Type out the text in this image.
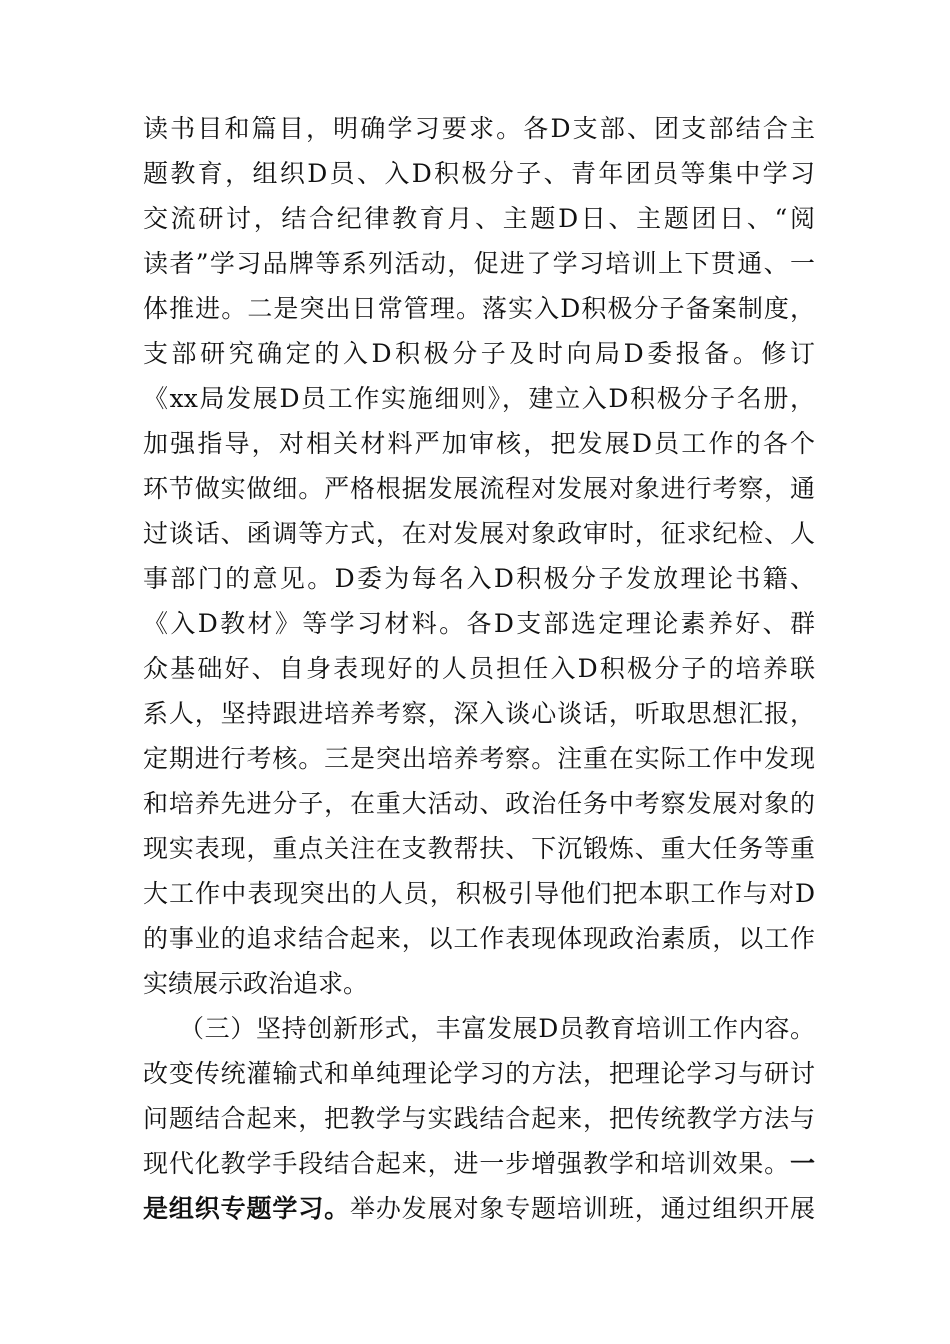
读书目和篇目，明确学习要求。各D支部、团支部结合主
题教育，组织D员、入D积极分子、青年团员等集中学习
交流研讨，结合纪律教育月、主题D日、主题团日、“阅
读者”学习品牌等系列活动，促进了学习培训上下贯通、一
体推进。二是突出日常管理。落实入D积极分子备案制度，
支部研究确定的入D积极分子及时向局D委报备。修订
《xx局发展D员工作实施细则》，建立入D积极分子名册，
加强指导，对相关材料严加审核，把发展D员工作的各个
环节做实做细。严格根据发展流程对发展对象进行考察，通
过谈话、函调等方式，在对发展对象政审时，征求纪检、人
事部门的意见。D委为每名入D积极分子发放理论书籍、
《入D教材》等学习材料。各D支部选定理论素养好、群
众基础好、自身表现好的人员担任入D积极分子的培养联
系人，坚持跟进培养考察，深入谈心谈话，听取思想汇报，
定期进行考核。三是突出培养考察。注重在实际工作中发现
和培养先进分子，在重大活动、政治任务中考察发展对象的
现实表现，重点关注在支教帮扶、下沉锻炼、重大任务等重
大工作中表现突出的人员，积极引导他们把本职工作与对D
的事业的追求结合起来，以工作表现体现政治素质，以工作
实绩展示政治追求。
（三）坚持创新形式，丰富发展D员教育培训工作内容。
改变传统灌输式和单纯理论学习的方法，把理论学习与研讨
问题结合起来，把教学与实践结合起来，把传统教学方法与
现代化教学手段结合起来，进一步增强教学和培训效果。一
是组织专题学习。举办发展对象专题培训班，通过组织开展
